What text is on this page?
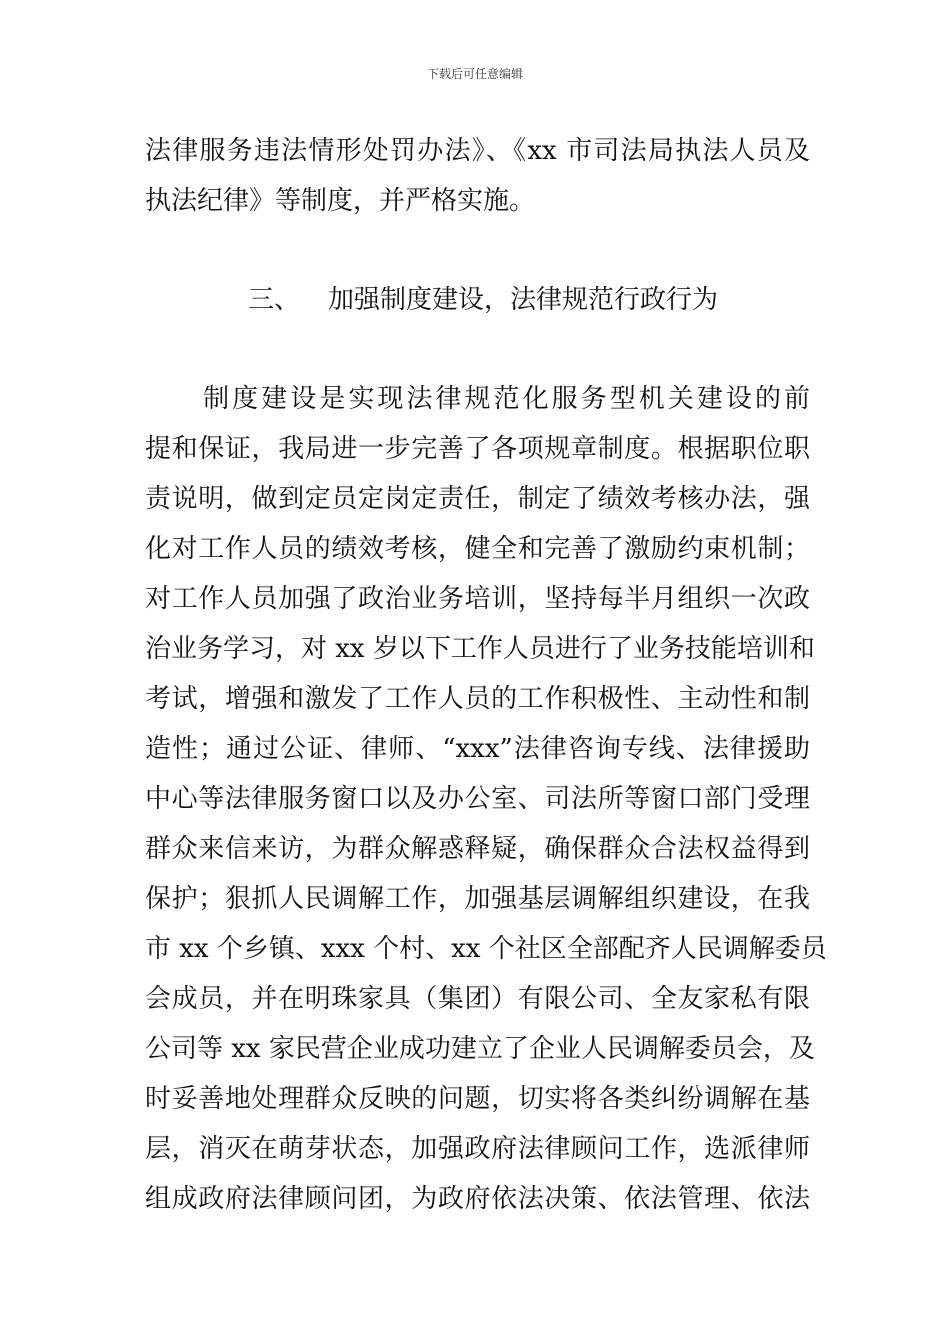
下载后可任意编辑
法律服务违法情形处罚办法》、《xx 市司法局执法人员及
执法纪律》等制度，并严格实施。
三、 加强制度建设，法律规范行政行为
　　制度建设是实现法律规范化服务型机关建设的前
提和保证，我局进一步完善了各项规章制度。根据职位职
责说明，做到定员定岗定责任，制定了绩效考核办法，强
化对工作人员的绩效考核，健全和完善了激励约束机制；
对工作人员加强了政治业务培训，坚持每半月组织一次政
治业务学习，对 xx 岁以下工作人员进行了业务技能培训和
考试，增强和激发了工作人员的工作积极性、主动性和制
造性；通过公证、律师、“xxx”法律咨询专线、法律援助
中心等法律服务窗口以及办公室、司法所等窗口部门受理
群众来信来访，为群众解惑释疑，确保群众合法权益得到
保护；狠抓人民调解工作，加强基层调解组织建设，在我
市 xx 个乡镇、xxx 个村、xx 个社区全部配齐人民调解委员
会成员，并在明珠家具（集团）有限公司、全友家私有限
公司等 xx 家民营企业成功建立了企业人民调解委员会，及
时妥善地处理群众反映的问题，切实将各类纠纷调解在基
层，消灭在萌芽状态，加强政府法律顾问工作，选派律师
组成政府法律顾问团，为政府依法决策、依法管理、依法
